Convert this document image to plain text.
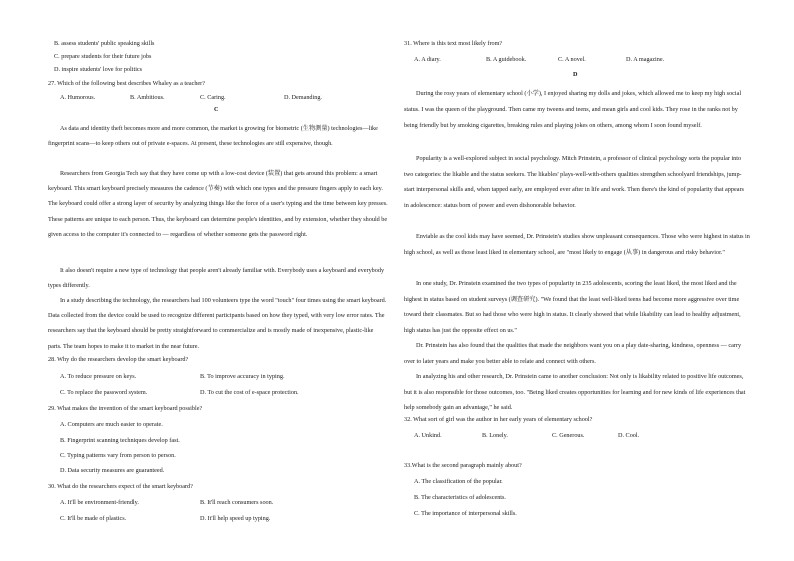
B. assess students' public speaking skills
C. prepare students for their future jobs
D. inspire students' love for politics
27. Which of the following best describes Whaley as a teacher?
A. Humorous.	B. Ambitious.	C. Caring.	D. Demanding.
C
As data and identity theft becomes more and more common, the market is growing for biometric (生物测量) technologies—like fingerprint scans—to keep others out of private e-spaces. At present, these technologies are still expensive, though.
Researchers from Georgia Tech say that they have come up with a low-cost device (装置) that gets around this problem: a smart keyboard. This smart keyboard precisely measures the cadence (节奏) with which one types and the pressure fingers apply to each key. The keyboard could offer a strong layer of security by analyzing things like the force of a user's typing and the time between key presses. These patterns are unique to each person. Thus, the keyboard can determine people's identities, and by extension, whether they should be given access to the computer it's connected to — regardless of whether someone gets the password right.
It also doesn't require a new type of technology that people aren't already familiar with. Everybody uses a keyboard and everybody types differently.
In a study describing the technology, the researchers had 100 volunteers type the word "touch" four times using the smart keyboard. Data collected from the device could be used to recognize different participants based on how they typed, with very low error rates. The researchers say that the keyboard should be pretty straightforward to commercialize and is mostly made of inexpensive, plastic-like parts. The team hopes to make it to market in the near future.
28. Why do the researchers develop the smart keyboard?
A. To reduce pressure on keys.	B. To improve accuracy in typing.
C. To replace the password system.	D. To cut the cost of e-space protection.
29. What makes the invention of the smart keyboard possible?
A. Computers are much easier to operate.
B. Fingerprint scanning techniques develop fast.
C. Typing patterns vary from person to person.
D. Data security measures are guaranteed.
30. What do the researchers expect of the smart keyboard?
A. It'll be environment-friendly.	B. It'll reach consumers soon.
C. It'll be made of plastics.	D. It'll help speed up typing.
31. Where is this text most likely from?
A. A diary.	B. A guidebook.	C. A novel.	D. A magazine.
D
During the rosy years of elementary school (小学), I enjoyed sharing my dolls and jokes, which allowed me to keep my high social status. I was the queen of the playground. Then came my tweens and teens, and mean girls and cool kids. They rose in the ranks not by being friendly but by smoking cigarettes, breaking rules and playing jokes on others, among whom I soon found myself.
Popularity is a well-explored subject in social psychology. Mitch Prinstein, a professor of clinical psychology sorts the popular into two categories: the likable and the status seekers. The likables' plays-well-with-others qualities strengthen schoolyard friendships, jump-start interpersonal skills and, when tapped early, are employed ever after in life and work. Then there's the kind of popularity that appears in adolescence: status born of power and even dishonorable behavior.
Enviable as the cool kids may have seemed, Dr. Prinstein's studies show unpleasant consequences. Those who were highest in status in high school, as well as those least liked in elementary school, are "most likely to engage (从事) in dangerous and risky behavior."
In one study, Dr. Prinstein examined the two types of popularity in 235 adolescents, scoring the least liked, the most liked and the highest in status based on student surveys (调查研究). "We found that the least well-liked teens had become more aggressive over time toward their classmates. But so had those who were high in status. It clearly showed that while likability can lead to healthy adjustment, high status has just the opposite effect on us."
Dr. Prinstein has also found that the qualities that made the neighbors want you on a play date-sharing, kindness, openness — carry over to later years and make you better able to relate and connect with others.
In analyzing his and other research, Dr. Prinstein came to another conclusion: Not only is likability related to positive life outcomes, but it is also responsible for those outcomes, too. "Being liked creates opportunities for learning and for new kinds of life experiences that help somebody gain an advantage," he said.
32. What sort of girl was the author in her early years of elementary school?
A. Unkind.	B. Lonely.	C. Generous.	D. Cool.
33.What is the second paragraph mainly about?
A. The classification of the popular.
B. The characteristics of adolescents.
C. The importance of interpersonal skills.
